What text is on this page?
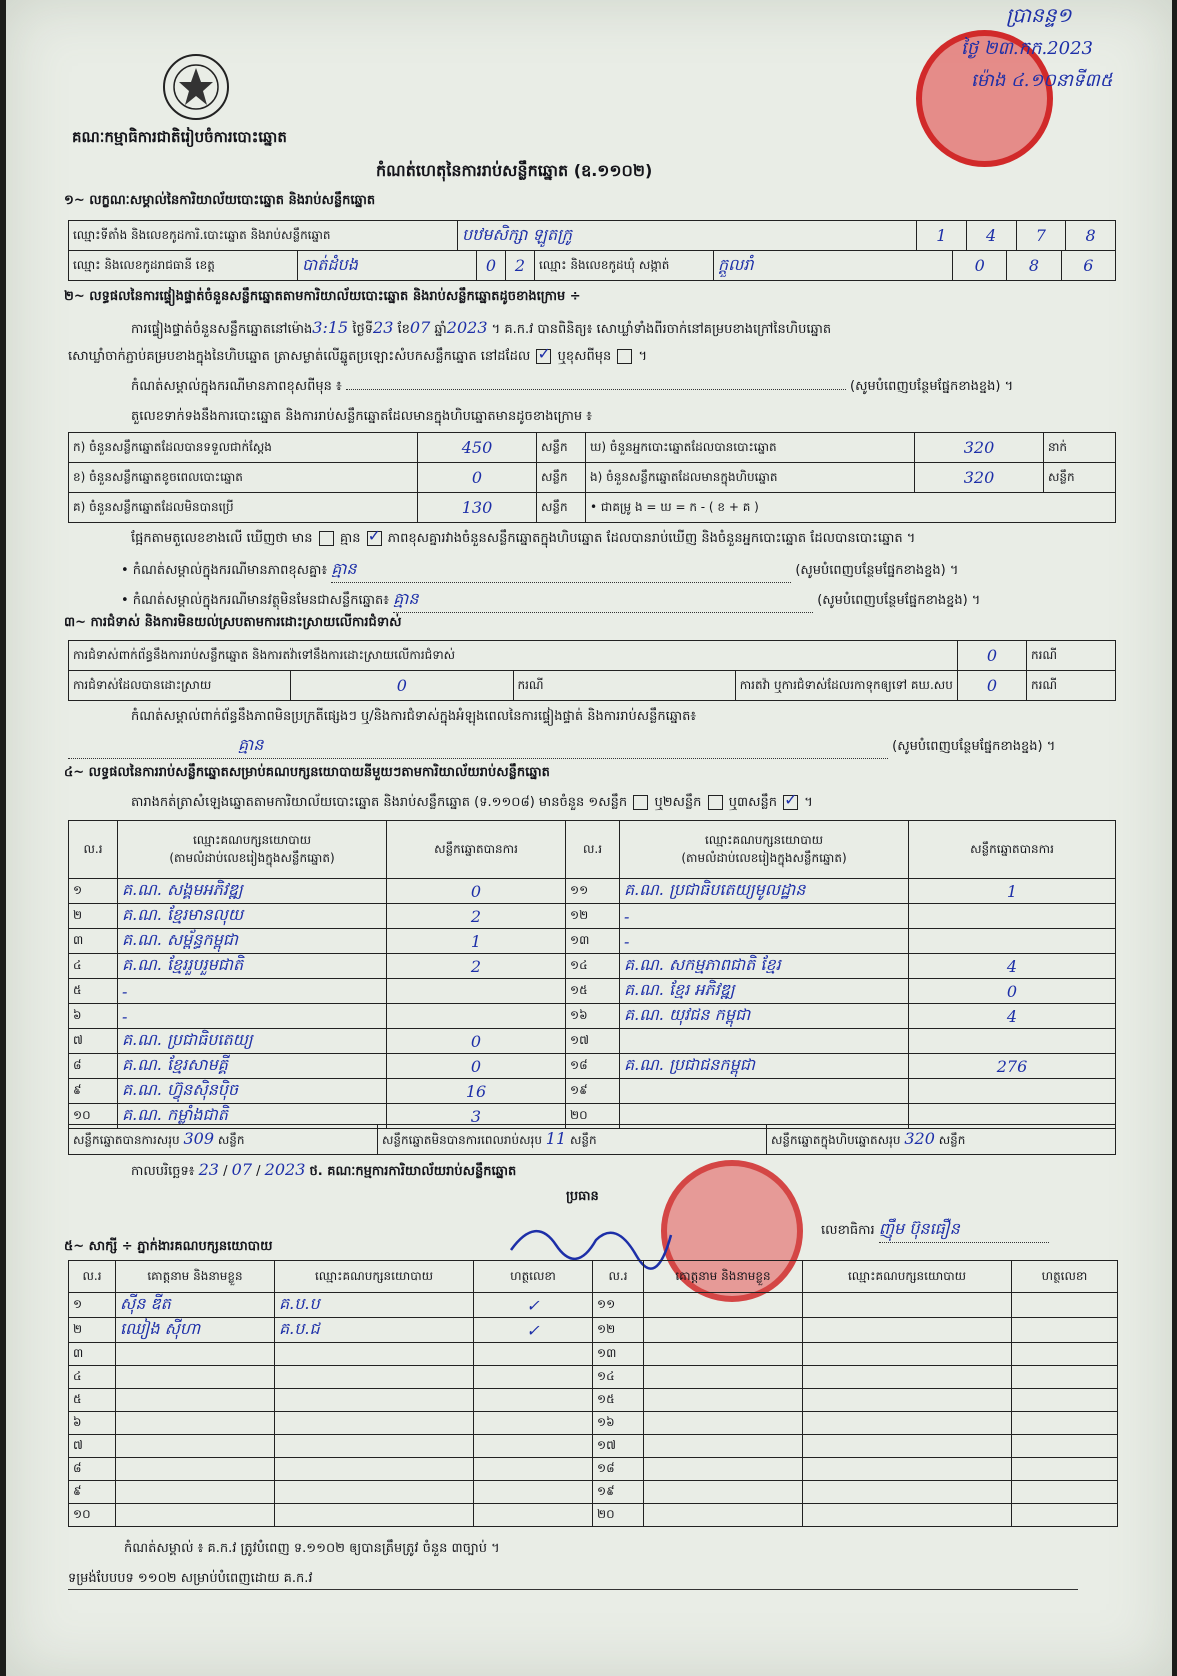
គណៈកម្មាធិការជាតិរៀបចំការបោះឆ្នោត
ប្រានន្ទ១
ថ្ងៃ ២៣.កក.2023
ម៉ោង ៤.១០នាទី៣៥
កំណត់ហេតុនៃការរាប់សន្លឹកឆ្នោត (ឧ.១១០២)
១~ លក្ខណៈសម្គាល់នៃការិយាល័យបោះឆ្នោត និងរាប់សន្លឹកឆ្នោត
ឈ្មោះទីតាំង និងលេខកូដការិ.បោះឆ្នោត និងរាប់សន្លឹកឆ្នោត	បឋមសិក្សា ឡូតក្រូ	1	4	7	8
ឈ្មោះ និងលេខកូដរាជធានី ខេត្ត	បាត់ដំបង	0	2	ឈ្មោះ និងលេខកូដឃុំ សង្កាត់	ក្ដួលរាំ	0	8	6
២~ លទ្ធផលនៃការផ្ទៀងផ្ទាត់ចំនួនសន្លឹកឆ្នោតតាមការិយាល័យបោះឆ្នោត និងរាប់សន្លឹកឆ្នោតដូចខាងក្រោម ÷
ការផ្ទៀងផ្ទាត់ចំនួនសន្លឹកឆ្នោតនៅម៉ោង3:15 ថ្ងៃទី23 ខែ07 ឆ្នាំ2023 ។ គ.ក.វ បានពិនិត្យ៖ សោឃ្លាំទាំងពីរចាក់នៅគម្របខាងក្រៅនៃហិបឆ្នោត
សោឃ្លាំចាក់ភ្ជាប់គម្របខាងក្នុងនៃហិបឆ្នោត ត្រាសម្ងាត់លើឆ្នូតប្រឡោះសំបកសន្លឹកឆ្នោត នៅដដែល ✓ ឬខុសពីមុន  ។
កំណត់សម្គាល់ក្នុងករណីមានភាពខុសពីមុន ៖	(សូមបំពេញបន្ថែមផ្នែកខាងខ្នង) ។
តួលេខទាក់ទងនឹងការបោះឆ្នោត និងការរាប់សន្លឹកឆ្នោតដែលមានក្នុងហិបឆ្នោតមានដូចខាងក្រោម ៖
ក) ចំនួនសន្លឹកឆ្នោតដែលបានទទួលជាក់ស្ដែង	450	សន្លឹក	ឃ) ចំនួនអ្នកបោះឆ្នោតដែលបានបោះឆ្នោត	320	នាក់
ខ) ចំនួនសន្លឹកឆ្នោតខូចពេលបោះឆ្នោត	0	សន្លឹក	ង) ចំនួនសន្លឹកឆ្នោតដែលមានក្នុងហិបឆ្នោត	320	សន្លឹក
គ) ចំនួនសន្លឹកឆ្នោតដែលមិនបានប្រើ	130	សន្លឹក	• ជាគម្រូ ង = ឃ = ក - ( ខ + គ )		
ផ្អែកតាមតួលេខខាងលើ ឃើញថា មាន គ្មាន ✓ ភាពខុសគ្នារវាងចំនួនសន្លឹកឆ្នោតក្នុងហិបឆ្នោត ដែលបានរាប់ឃើញ និងចំនួនអ្នកបោះឆ្នោត ដែលបានបោះឆ្នោត ។
• កំណត់សម្គាល់ក្នុងករណីមានភាពខុសគ្នា៖ គ្មាន	(សូមបំពេញបន្ថែមផ្នែកខាងខ្នង) ។
• កំណត់សម្គាល់ក្នុងករណីមានវត្ថុមិនមែនជាសន្លឹកឆ្នោត៖ គ្មាន	(សូមបំពេញបន្ថែមផ្នែកខាងខ្នង) ។
៣~ ការជំទាស់ និងការមិនយល់ស្របតាមការដោះស្រាយលើការជំទាស់
ការជំទាស់ពាក់ព័ន្ធនឹងការរាប់សន្លឹកឆ្នោត និងការតវ៉ាទៅនឹងការដោះស្រាយលើការជំទាស់				0	ករណី
ការជំទាស់ដែលបានដោះស្រាយ	0	ករណី	ការតវ៉ា ឬការជំទាស់ដែលរកាទុកឲ្យទៅ គឃ.សប	0	ករណី
កំណត់សម្គាល់ពាក់ព័ន្ធនឹងភាពមិនប្រក្រតីផ្សេងៗ ឬ/និងការជំទាស់ក្នុងអំឡុងពេលនៃការផ្ទៀងផ្ទាត់ និងការរាប់សន្លឹកឆ្នោត៖
គ្មាន	(សូមបំពេញបន្ថែមផ្នែកខាងខ្នង) ។
៤~ លទ្ធផលនៃការរាប់សន្លឹកឆ្នោតសម្រាប់គណបក្សនយោបាយនីមួយៗតាមការិយាល័យរាប់សន្លឹកឆ្នោត
តារាងកត់ត្រាសំឡេងឆ្នោតតាមការិយាល័យបោះឆ្នោត និងរាប់សន្លឹកឆ្នោត (ទ.១១០៨) មានចំនួន ១សន្លឹក ឬ២សន្លឹក ឬ៣សន្លឹក ✓ ។
ល.រ	ឈ្មោះគណបក្សនយោបាយ
(តាមលំដាប់លេខរៀងក្នុងសន្លឹកឆ្នោត)	សន្លឹកឆ្នោតបានការ	ល.រ	ឈ្មោះគណបក្សនយោបាយ
(តាមលំដាប់លេខរៀងក្នុងសន្លឹកឆ្នោត)	សន្លឹកឆ្នោតបានការ
១	គ.ណ. សង្គមអភិវឌ្ឍ	0	១១	គ.ណ. ប្រជាធិបតេយ្យមូលដ្ឋាន	1
២	គ.ណ. ខ្មែរមានលុយ	2	១២	-	
៣	គ.ណ. សម្ព័ន្ធកម្ពុជា	1	១៣	-	
៤	គ.ណ. ខ្មែររួបរួមជាតិ	2	១៤	គ.ណ. សកម្មភាពជាតិ ខ្មែរ	4
៥	-		១៥	គ.ណ. ខ្មែរ អភិវឌ្ឍ	0
៦	-		១៦	គ.ណ. យុវជន កម្ពុជា	4
៧	គ.ណ. ប្រជាធិបតេយ្យ	0	១៧		
៨	គ.ណ. ខ្មែរសាមគ្គី	0	១៨	គ.ណ. ប្រជាជនកម្ពុជា	276
៩	គ.ណ. ហ៊្វុនស៊ិនប៉ិច	16	១៩		
១០	គ.ណ. កម្លាំងជាតិ	3	២០		
សន្លឹកឆ្នោតបានការសរុប 309 សន្លឹក	សន្លឹកឆ្នោតមិនបានការពេលរាប់សរុប 11 សន្លឹក	សន្លឹកឆ្នោតក្នុងហិបឆ្នោតសរុប 320 សន្លឹក
កាលបរិច្ឆេទ៖ 23 / 07 / 2023 ថ. គណៈកម្មការការិយាល័យរាប់សន្លឹកឆ្នោត
ប្រធាន
លេខាធិការ ញ៉ឹម ប៊ុនធឿន
៥~ សាក្សី ÷ ភ្នាក់ងារគណបក្សនយោបាយ
ល.រ	គោត្តនាម និងនាមខ្លួន	ឈ្មោះគណបក្សនយោបាយ	ហត្ថលេខា	ល.រ	គោត្តនាម និងនាមខ្លួន	ឈ្មោះគណបក្សនយោបាយ	ហត្ថលេខា
១	ស៊ីន ឌីត	គ.ប.ប	✓	១១			
២	ឈៀង ស៊ីហា	គ.ប.ជ	✓	១២			
៣				១៣			
៤				១៤			
៥				១៥			
៦				១៦			
៧				១៧			
៨				១៨			
៩				១៩			
១០				២០			
កំណត់សម្គាល់ ៖ គ.ក.វ ត្រូវបំពេញ ទ.១១០២ ឲ្យបានត្រឹមត្រូវ ចំនួន ៣ច្បាប់ ។
ទម្រង់បែបបទ ១១០២ សម្រាប់បំពេញដោយ គ.ក.វ
